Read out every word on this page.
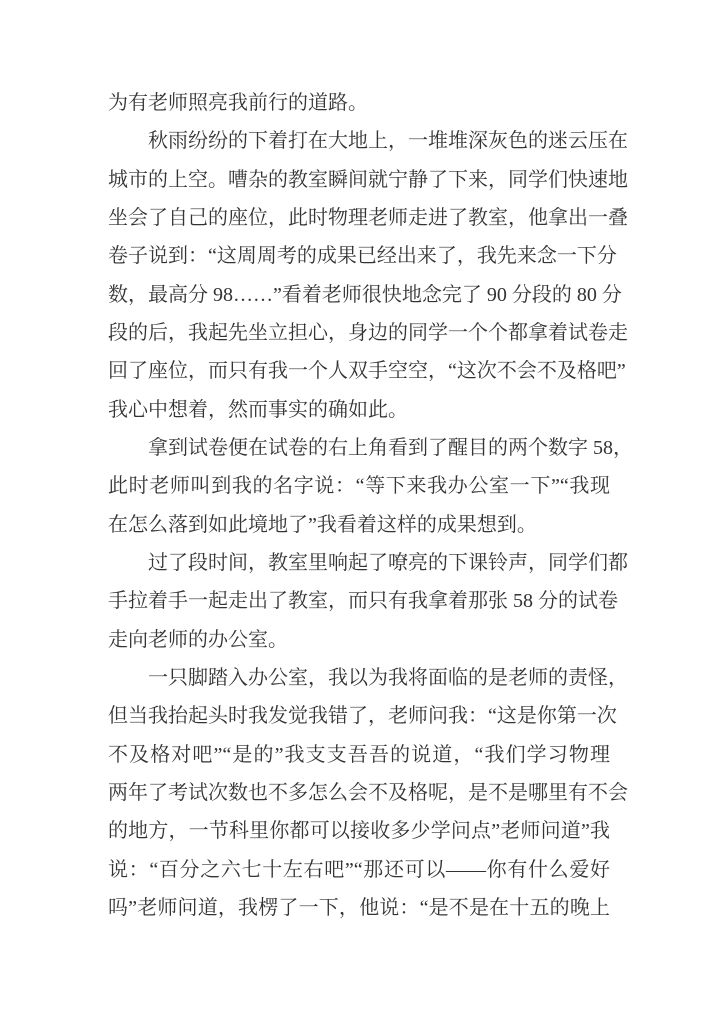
为有老师照亮我前行的道路。
秋雨纷纷的下着打在大地上，一堆堆深灰色的迷云压在
城市的上空。嘈杂的教室瞬间就宁静了下来，同学们快速地
坐会了自己的座位，此时物理老师走进了教室，他拿出一叠
卷子说到：“这周周考的成果已经出来了，我先来念一下分
数，最高分 98……”看着老师很快地念完了 90 分段的 80 分
段的后，我起先坐立担心，身边的同学一个个都拿着试卷走
回了座位，而只有我一个人双手空空，“这次不会不及格吧”
我心中想着，然而事实的确如此。
拿到试卷便在试卷的右上角看到了醒目的两个数字 58，
此时老师叫到我的名字说：“等下来我办公室一下”“我现
在怎么落到如此境地了”我看着这样的成果想到。
过了段时间，教室里响起了嘹亮的下课铃声，同学们都
手拉着手一起走出了教室，而只有我拿着那张 58 分的试卷
走向老师的办公室。
一只脚踏入办公室，我以为我将面临的是老师的责怪，
但当我抬起头时我发觉我错了，老师问我：“这是你第一次
不及格对吧”“是的”我支支吾吾的说道，“我们学习物理
两年了考试次数也不多怎么会不及格呢，是不是哪里有不会
的地方，一节科里你都可以接收多少学问点”老师问道”我
说：“百分之六七十左右吧”“那还可以——你有什么爱好
吗”老师问道，我楞了一下，他说：“是不是在十五的晚上
